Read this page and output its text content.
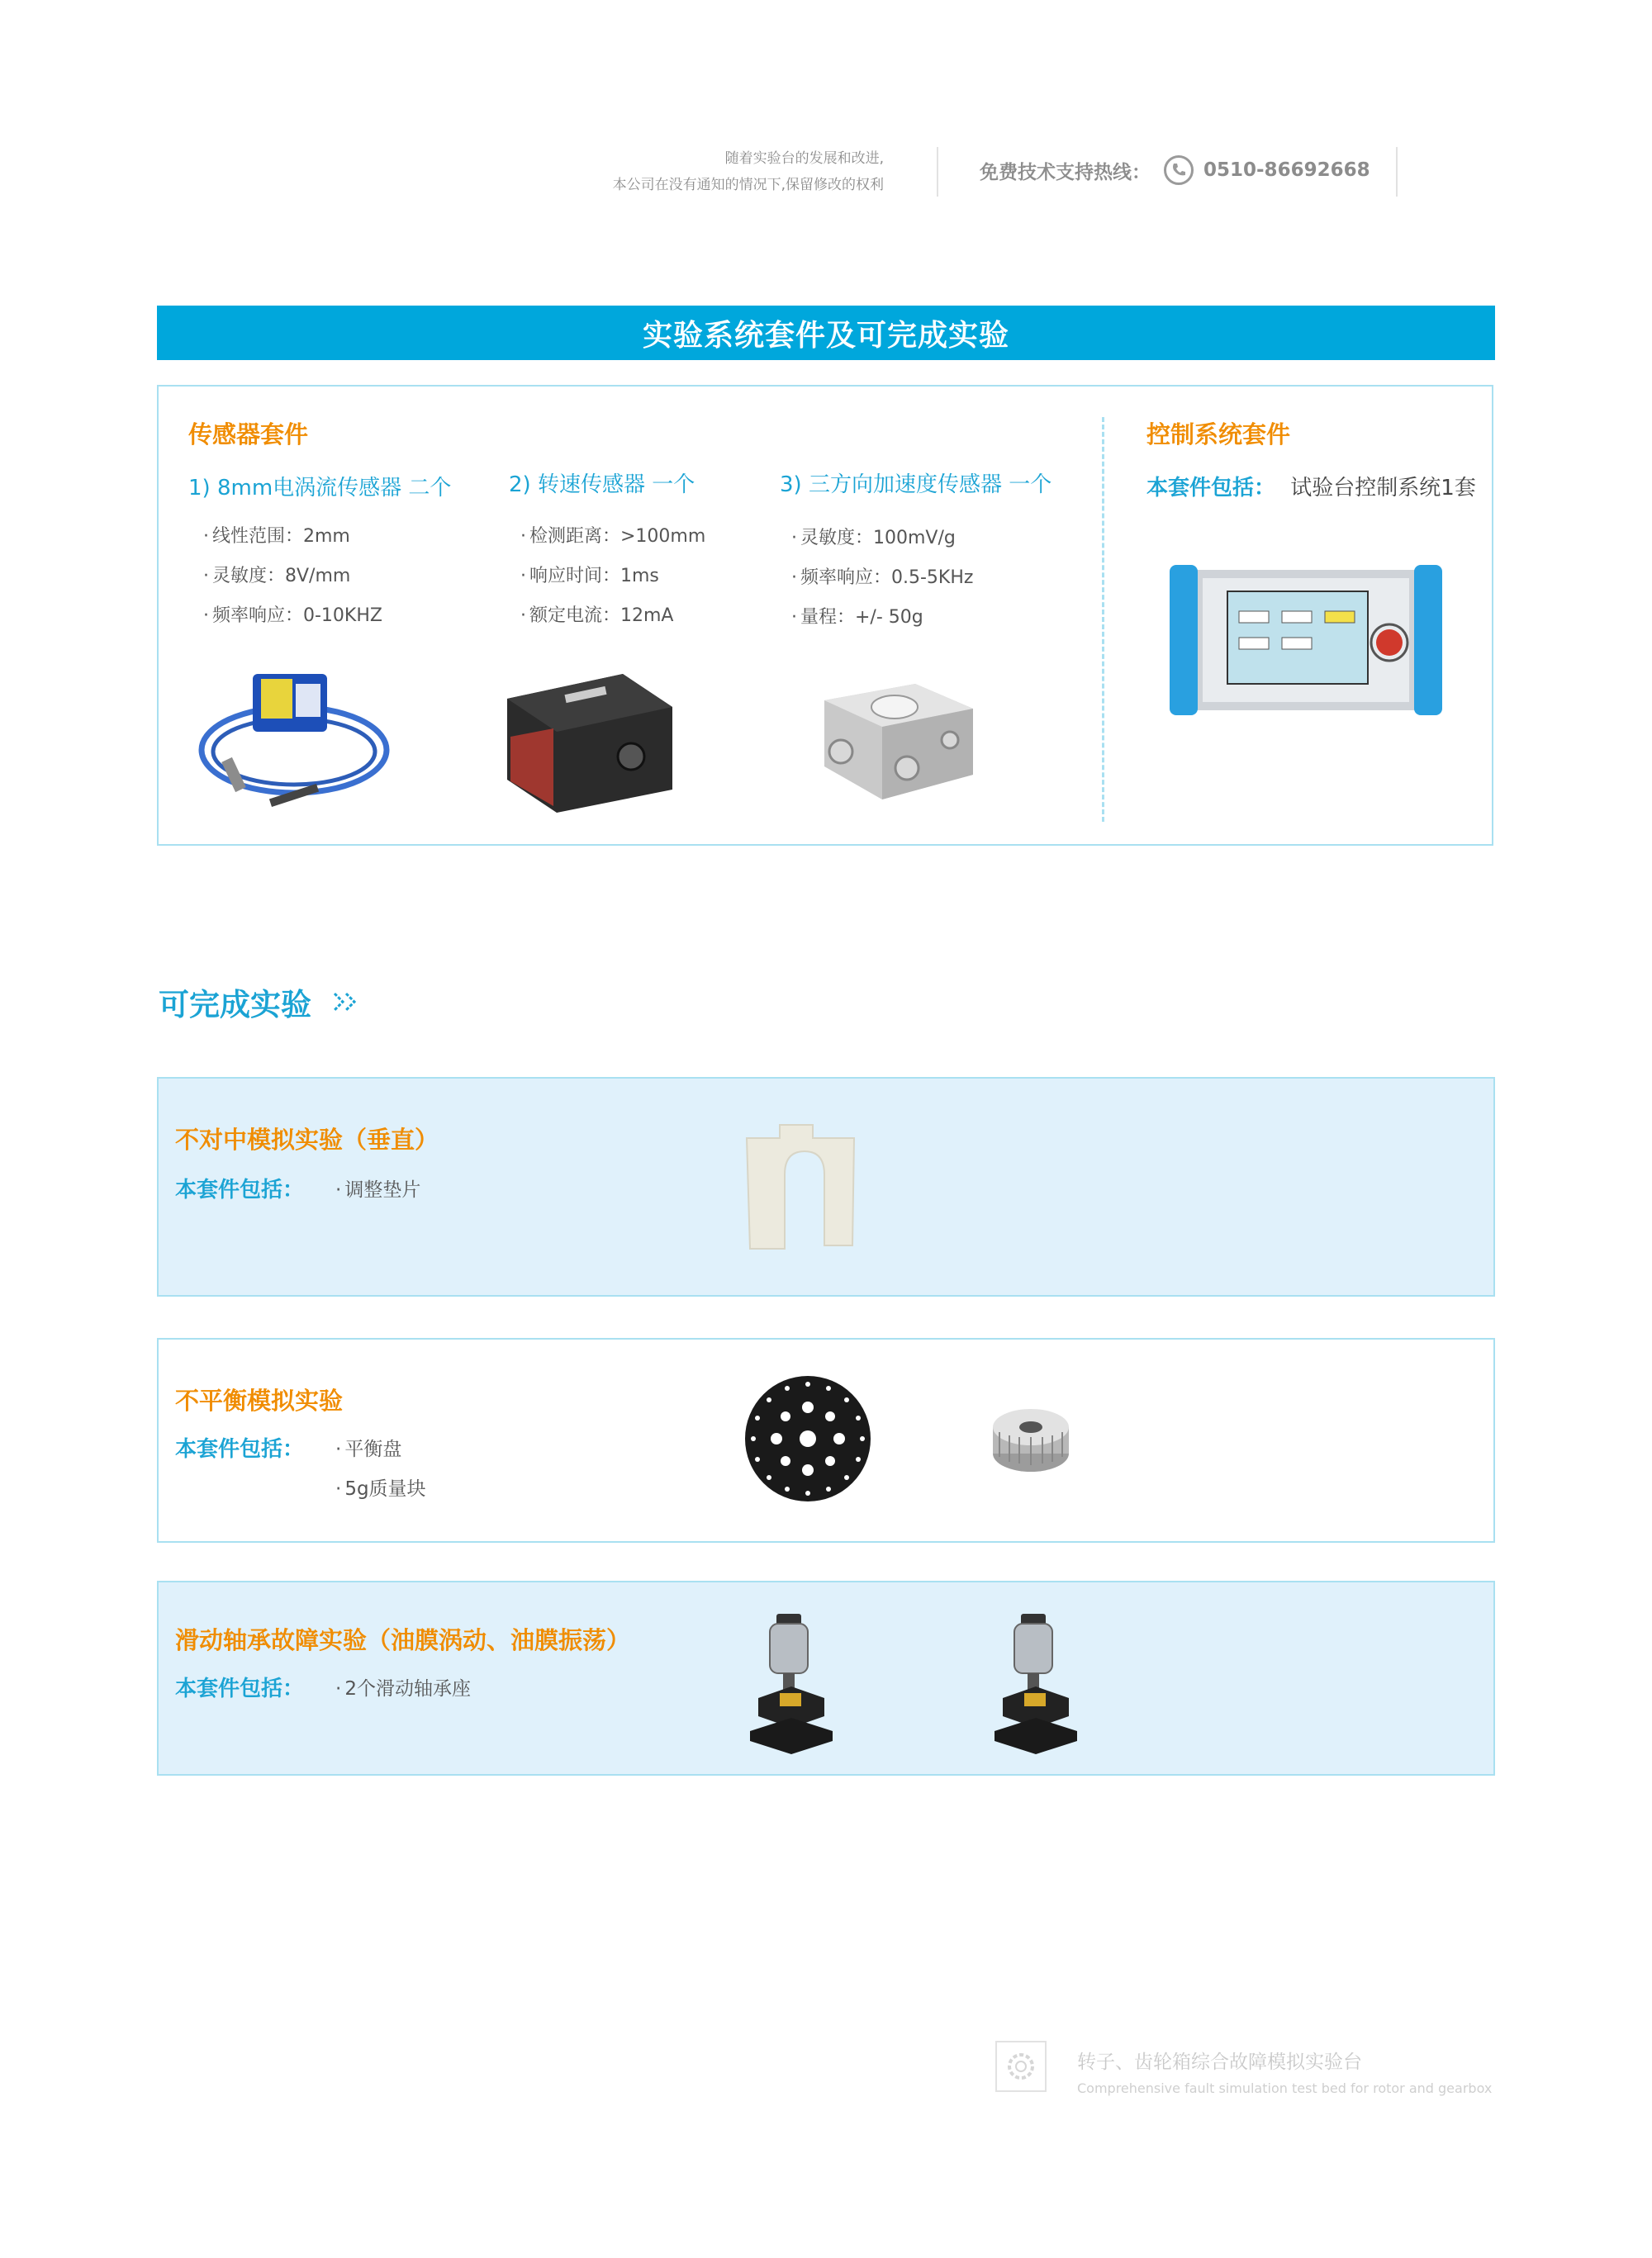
随着实验台的发展和改进,
本公司在没有通知的情况下,保留修改的权利
免费技术支持热线：	0510-86692668
实验系统套件及可完成实验
传感器套件
1) 8mm电涡流传感器 二个
· 线性范围：2mm
· 灵敏度：8V/mm
· 频率响应：0-10KHZ
2) 转速传感器 一个
· 检测距离：>100mm
· 响应时间：1ms
· 额定电流：12mA
3) 三方向加速度传感器 一个
· 灵敏度：100mV/g
· 频率响应：0.5-5KHz
· 量程：+/- 50g
控制系统套件
本套件包括： 试验台控制系统1套
可完成实验
不对中模拟实验（垂直）
本套件包括：	· 调整垫片
不平衡模拟实验
本套件包括：	· 平衡盘
· 5g质量块
滑动轴承故障实验（油膜涡动、油膜振荡）
本套件包括：	· 2个滑动轴承座
转子、齿轮箱综合故障模拟实验台
Comprehensive fault simulation test bed for rotor and gearbox
